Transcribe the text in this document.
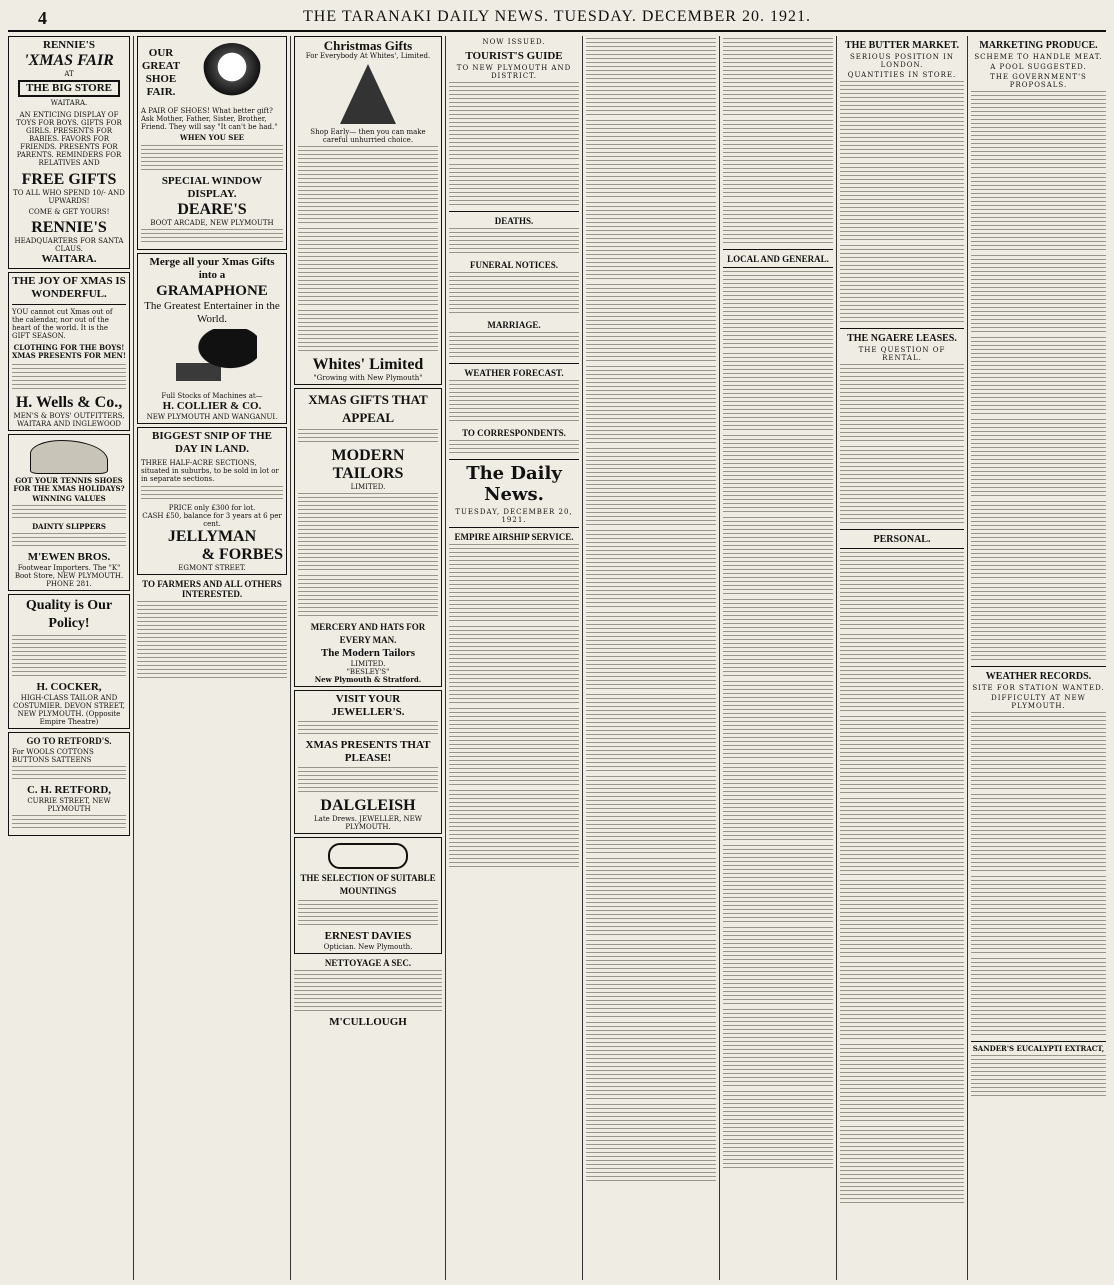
4	THE TARANAKI DAILY NEWS. TUESDAY. DECEMBER 20. 1921.
RENNIE'S
'XMAS FAIR
AT
THE BIG STORE
WAITARA.
AN ENTICING DISPLAY OF TOYS FOR BOYS. GIFTS FOR GIRLS. PRESENTS FOR BABIES. FAVORS FOR FRIENDS. PRESENTS FOR PARENTS. REMINDERS FOR RELATIVES AND
FREE GIFTS
TO ALL WHO SPEND 10/- AND UPWARDS!
COME & GET YOURS!
RENNIE'S
HEADQUARTERS FOR SANTA CLAUS.
WAITARA.
THE JOY OF XMAS IS WONDERFUL.
YOU cannot cut Xmas out of the calendar, nor out of the heart of the world. It is the GIFT SEASON.
CLOTHING FOR THE BOYS! XMAS PRESENTS FOR MEN!
H. Wells & Co.,
MEN'S & BOYS' OUTFITTERS, WAITARA AND INGLEWOOD
GOT YOUR TENNIS SHOES FOR THE XMAS HOLIDAYS?
WINNING VALUES
DAINTY SLIPPERS
M'EWEN BROS.
Footwear Importers. The "K" Boot Store, NEW PLYMOUTH. PHONE 281.
Quality is Our Policy!
H. COCKER,
HIGH-CLASS TAILOR AND COSTUMIER. DEVON STREET, NEW PLYMOUTH. (Opposite Empire Theatre)
GO TO RETFORD'S.
For WOOLS COTTONS BUTTONS SATTEENS
C. H. RETFORD,
CURRIE STREET, NEW PLYMOUTH
OUR GREAT SHOE FAIR.
A PAIR OF SHOES! What better gift? Ask Mother, Father, Sister, Brother, Friend. They will say "It can't be had."
WHEN YOU SEE
SPECIAL WINDOW DISPLAY.
DEARE'S
BOOT ARCADE, NEW PLYMOUTH
Merge all your Xmas Gifts into a
GRAMAPHONE
The Greatest Entertainer in the World.
Full Stocks of Machines at—
H. COLLIER & CO.
NEW PLYMOUTH AND WANGANUI.
BIGGEST SNIP OF THE DAY IN LAND.
THREE HALF-ACRE SECTIONS, situated in suburbs, to be sold in lot or in separate sections.
PRICE only £300 for lot.
CASH £50, balance for 3 years at 6 per cent.
JELLYMAN
& FORBES
EGMONT STREET.
TO FARMERS AND ALL OTHERS INTERESTED.
Christmas Gifts
For Everybody At Whites', Limited.
Shop Early— then you can make careful unhurried choice.
Whites' Limited
"Growing with New Plymouth"
XMAS GIFTS THAT APPEAL
MODERN TAILORS
LIMITED.
MERCERY AND HATS FOR EVERY MAN.
The Modern Tailors
LIMITED.
"BESLEY'S"
New Plymouth & Stratford.
VISIT YOUR JEWELLER'S.
XMAS PRESENTS THAT PLEASE!
DALGLEISH
Late Drews. JEWELLER, NEW PLYMOUTH.
THE SELECTION OF SUITABLE MOUNTINGS
ERNEST DAVIES
Optician. New Plymouth.
NETTOYAGE A SEC.
M'CULLOUGH
NOW ISSUED.
TOURIST'S GUIDE
TO NEW PLYMOUTH AND DISTRICT.
DEATHS.
FUNERAL NOTICES.
MARRIAGE.
WEATHER FORECAST.
TO CORRESPONDENTS.
The Daily News.
TUESDAY, DECEMBER 20, 1921.
EMPIRE AIRSHIP SERVICE.
LOCAL AND GENERAL.
THE BUTTER MARKET.
SERIOUS POSITION IN LONDON.
QUANTITIES IN STORE.
THE NGAERE LEASES.
THE QUESTION OF RENTAL.
PERSONAL.
MARKETING PRODUCE.
SCHEME TO HANDLE MEAT.
A POOL SUGGESTED.
THE GOVERNMENT'S PROPOSALS.
WEATHER RECORDS.
SITE FOR STATION WANTED.
DIFFICULTY AT NEW PLYMOUTH.
SANDER'S EUCALYPTI EXTRACT,
